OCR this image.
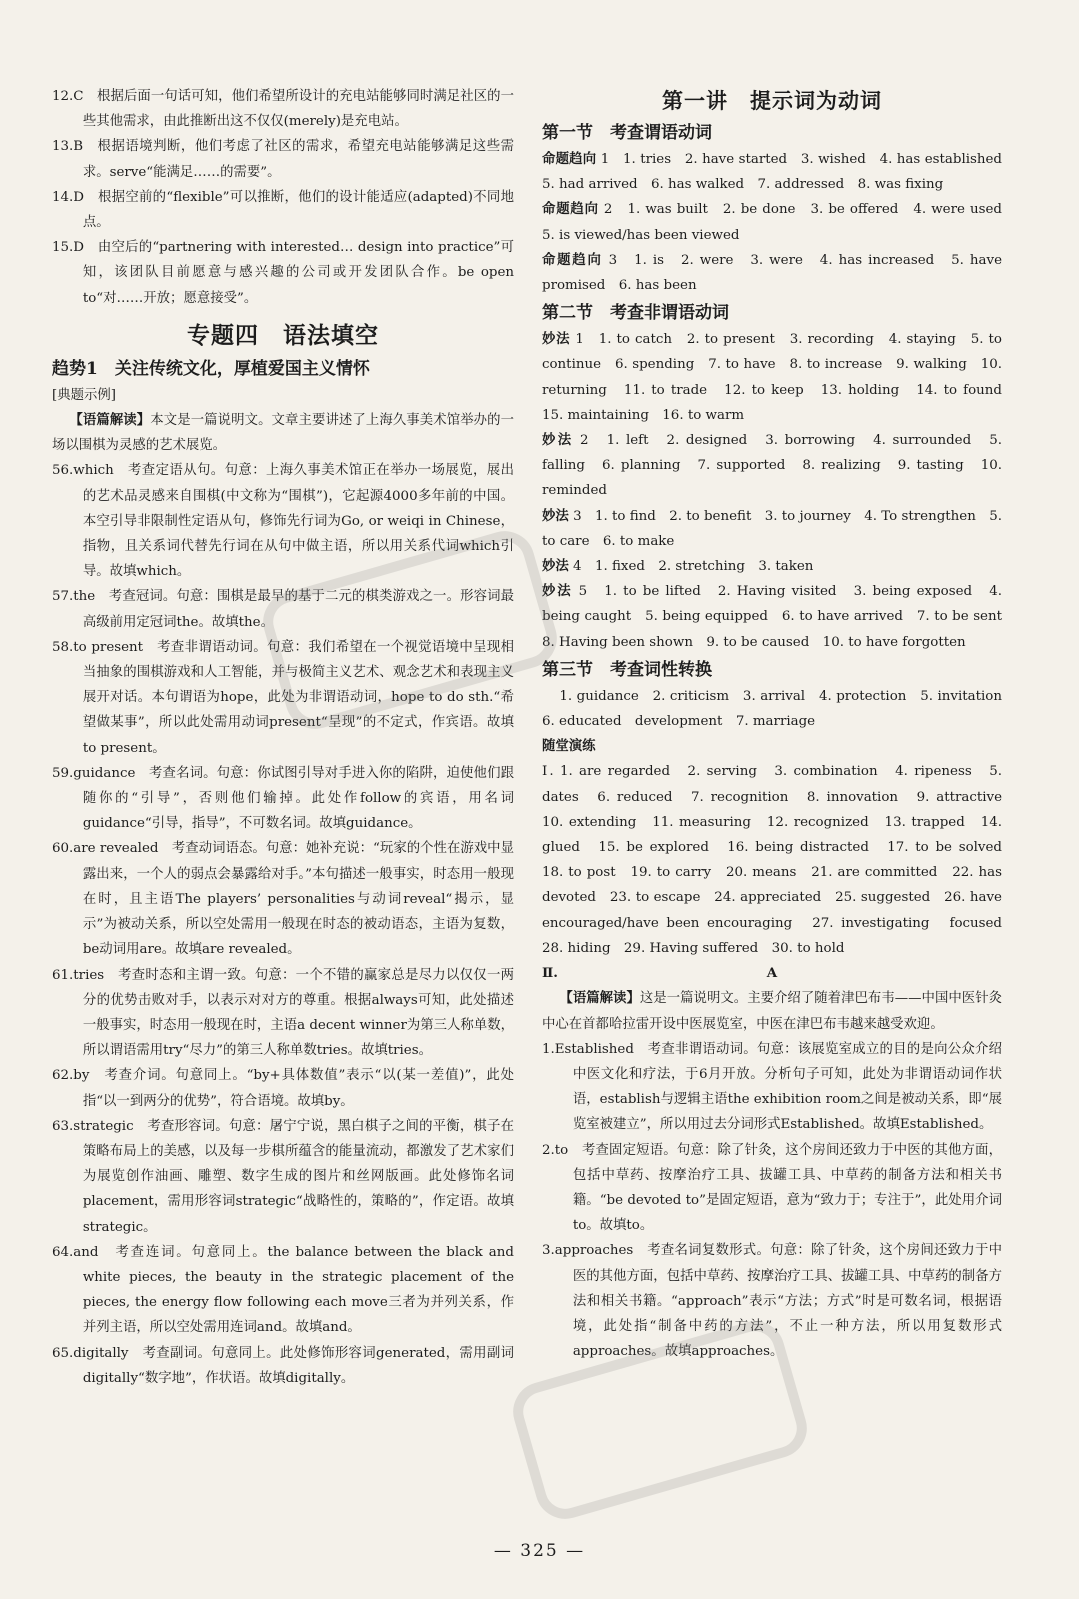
12.C　根据后面一句话可知，他们希望所设计的充电站能够同时满足社区的一些其他需求，由此推断出这不仅仅(merely)是充电站。

13.B　根据语境判断，他们考虑了社区的需求，希望充电站能够满足这些需求。serve“能满足……的需要”。

14.D　根据空前的“flexible”可以推断，他们的设计能适应(adapted)不同地点。

15.D　由空后的“partnering with interested… design into practice”可知，该团队目前愿意与感兴趣的公司或开发团队合作。be open to“对……开放；愿意接受”。

专题四　语法填空
趋势1　关注传统文化，厚植爱国主义情怀
[典题示例]

【语篇解读】本文是一篇说明文。文章主要讲述了上海久事美术馆举办的一场以围棋为灵感的艺术展览。

56.which　考查定语从句。句意：上海久事美术馆正在举办一场展览，展出的艺术品灵感来自围棋(中文称为“围棋”)，它起源4000多年前的中国。本空引导非限制性定语从句，修饰先行词为Go, or weiqi in Chinese，指物，且关系词代替先行词在从句中做主语，所以用关系代词which引导。故填which。

57.the　考查冠词。句意：围棋是最早的基于二元的棋类游戏之一。形容词最高级前用定冠词the。故填the。

58.to present　考查非谓语动词。句意：我们希望在一个视觉语境中呈现相当抽象的围棋游戏和人工智能，并与极简主义艺术、观念艺术和表现主义展开对话。本句谓语为hope，此处为非谓语动词，hope to do sth.“希望做某事”，所以此处需用动词present“呈现”的不定式，作宾语。故填to present。

59.guidance　考查名词。句意：你试图引导对手进入你的陷阱，迫使他们跟随你的“引导”，否则他们输掉。此处作follow的宾语，用名词guidance“引导，指导”，不可数名词。故填guidance。

60.are revealed　考查动词语态。句意：她补充说：“玩家的个性在游戏中显露出来，一个人的弱点会暴露给对手。”本句描述一般事实，时态用一般现在时，且主语The players’ personalities与动词reveal“揭示，显示”为被动关系，所以空处需用一般现在时态的被动语态，主语为复数，be动词用are。故填are revealed。

61.tries　考查时态和主谓一致。句意：一个不错的赢家总是尽力以仅仅一两分的优势击败对手，以表示对对方的尊重。根据always可知，此处描述一般事实，时态用一般现在时，主语a decent winner为第三人称单数，所以谓语需用try“尽力”的第三人称单数tries。故填tries。

62.by　考查介词。句意同上。“by+具体数值”表示“以(某一差值)”，此处指“以一到两分的优势”，符合语境。故填by。

63.strategic　考查形容词。句意：屠宁宁说，黑白棋子之间的平衡，棋子在策略布局上的美感，以及每一步棋所蕴含的能量流动，都激发了艺术家们为展览创作油画、雕塑、数字生成的图片和丝网版画。此处修饰名词placement，需用形容词strategic“战略性的，策略的”，作定语。故填strategic。

64.and　考查连词。句意同上。the balance between the black and white pieces, the beauty in the strategic placement of the pieces, the energy flow following each move三者为并列关系，作并列主语，所以空处需用连词and。故填and。

65.digitally　考查副词。句意同上。此处修饰形容词generated，需用副词digitally“数字地”，作状语。故填digitally。

第一讲　提示词为动词
第一节　考查谓语动词

命题趋向 1　1. tries　2. have started　3. wished　4. has established　5. had arrived　6. has walked　7. addressed　8. was fixing

命题趋向 2　1. was built　2. be done　3. be offered　4. were used　5. is viewed/has been viewed

命题趋向 3　1. is　2. were　3. were　4. has increased　5. have promised　6. has been

第二节　考查非谓语动词

妙法 1　1. to catch　2. to present　3. recording　4. staying　5. to continue　6. spending　7. to have　8. to increase　9. walking　10. returning　11. to trade　12. to keep　13. holding　14. to found　15. maintaining　16. to warm

妙法 2　1. left　2. designed　3. borrowing　4. surrounded　5. falling　6. planning　7. supported　8. realizing　9. tasting　10. reminded

妙法 3　1. to find　2. to benefit　3. to journey　4. To strengthen　5. to care　6. to make

妙法 4　1. fixed　2. stretching　3. taken

妙法 5　1. to be lifted　2. Having visited　3. being exposed　4. being caught　5. being equipped　6. to have arrived　7. to be sent　8. Having been shown　9. to be caused　10. to have forgotten

第三节　考查词性转换

1. guidance　2. criticism　3. arrival　4. protection　5. invitation　6. educated　development　7. marriage

随堂演练

Ⅰ. 1. are regarded　2. serving　3. combination　4. ripeness　5. dates　6. reduced　7. recognition　8. innovation　9. attractive　10. extending　11. measuring　12. recognized　13. trapped　14. glued　15. be explored　16. being distracted　17. to be solved　18. to post　19. to carry　20. means　21. are committed　22. has devoted　23. to escape　24. appreciated　25. suggested　26. have encouraged/have been encouraging　27. investigating　focused　28. hiding　29. Having suffered　30. to hold

Ⅱ.	A

【语篇解读】这是一篇说明文。主要介绍了随着津巴布韦——中国中医针灸中心在首都哈拉雷开设中医展览室，中医在津巴布韦越来越受欢迎。

1.Established　考查非谓语动词。句意：该展览室成立的目的是向公众介绍中医文化和疗法，于6月开放。分析句子可知，此处为非谓语动词作状语，establish与逻辑主语the exhibition room之间是被动关系，即“展览室被建立”，所以用过去分词形式Established。故填Established。

2.to　考查固定短语。句意：除了针灸，这个房间还致力于中医的其他方面，包括中草药、按摩治疗工具、拔罐工具、中草药的制备方法和相关书籍。“be devoted to”是固定短语，意为“致力于；专注于”，此处用介词to。故填to。

3.approaches　考查名词复数形式。句意：除了针灸，这个房间还致力于中医的其他方面，包括中草药、按摩治疗工具、拔罐工具、中草药的制备方法和相关书籍。“approach”表示“方法；方式”时是可数名词，根据语境，此处指“制备中药的方法”，不止一种方法，所以用复数形式approaches。故填approaches。

— 325 —
